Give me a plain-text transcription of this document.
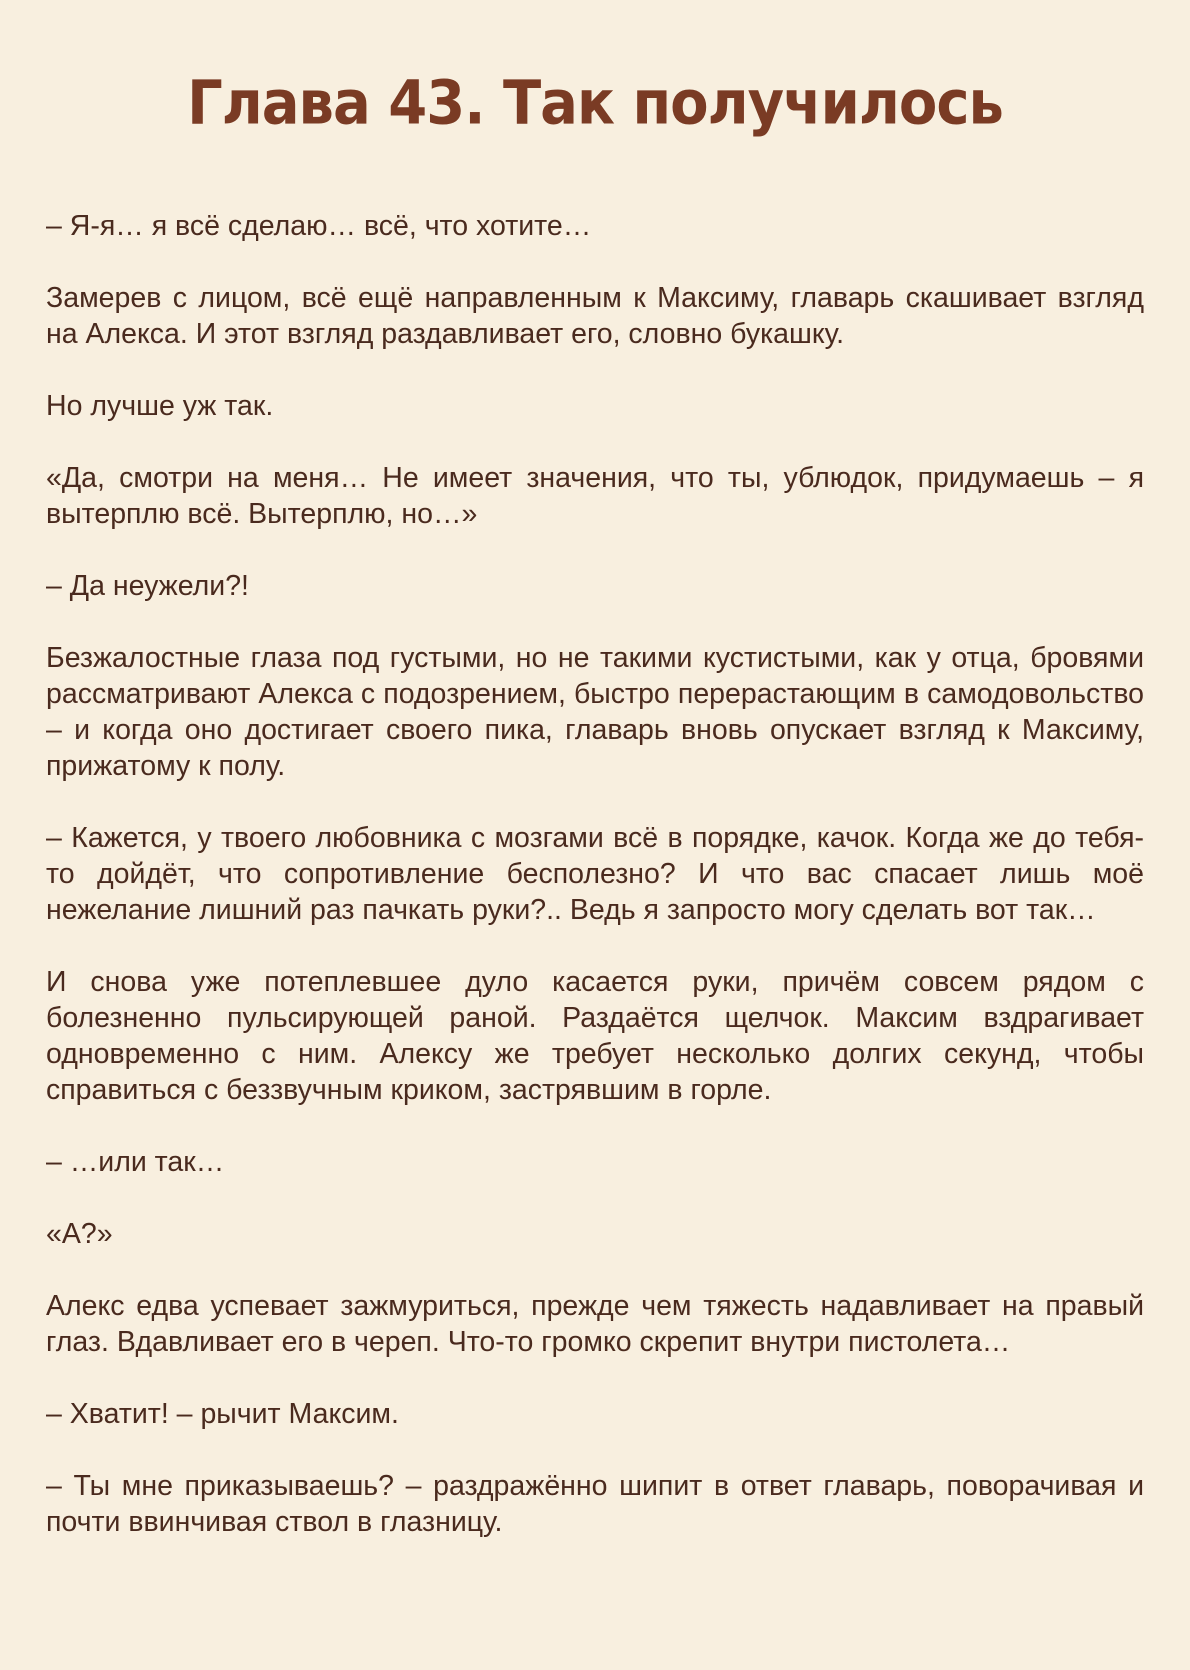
Глава 43. Так получилось

– Я-я… я всё сделаю… всё, что хотите…

Замерев с лицом, всё ещё направленным к Максиму, главарь скашивает взгляд на Алекса. И этот взгляд раздавливает его, словно букашку.

Но лучше уж так.

«Да, смотри на меня… Не имеет значения, что ты, ублюдок, придумаешь – я вытерплю всё. Вытерплю, но…»

– Да неужели?!

Безжалостные глаза под густыми, но не такими кустистыми, как у отца, бровями рассматривают Алекса с подозрением, быстро перерастающим в самодовольство – и когда оно достигает своего пика, главарь вновь опускает взгляд к Максиму, прижатому к полу.

– Кажется, у твоего любовника с мозгами всё в порядке, качок. Когда же до тебя-то дойдёт, что сопротивление бесполезно? И что вас спасает лишь моё нежелание лишний раз пачкать руки?.. Ведь я запросто могу сделать вот так…

И снова уже потеплевшее дуло касается руки, причём совсем рядом с болезненно пульсирующей раной. Раздаётся щелчок. Максим вздрагивает одновременно с ним. Алексу же требует несколько долгих секунд, чтобы справиться с беззвучным криком, застрявшим в горле.

– …или так…

«А?»

Алекс едва успевает зажмуриться, прежде чем тяжесть надавливает на правый глаз. Вдавливает его в череп. Что-то громко скрепит внутри пистолета…

– Хватит! – рычит Максим.

– Ты мне приказываешь? – раздражённо шипит в ответ главарь, поворачивая и почти ввинчивая ствол в глазницу.
